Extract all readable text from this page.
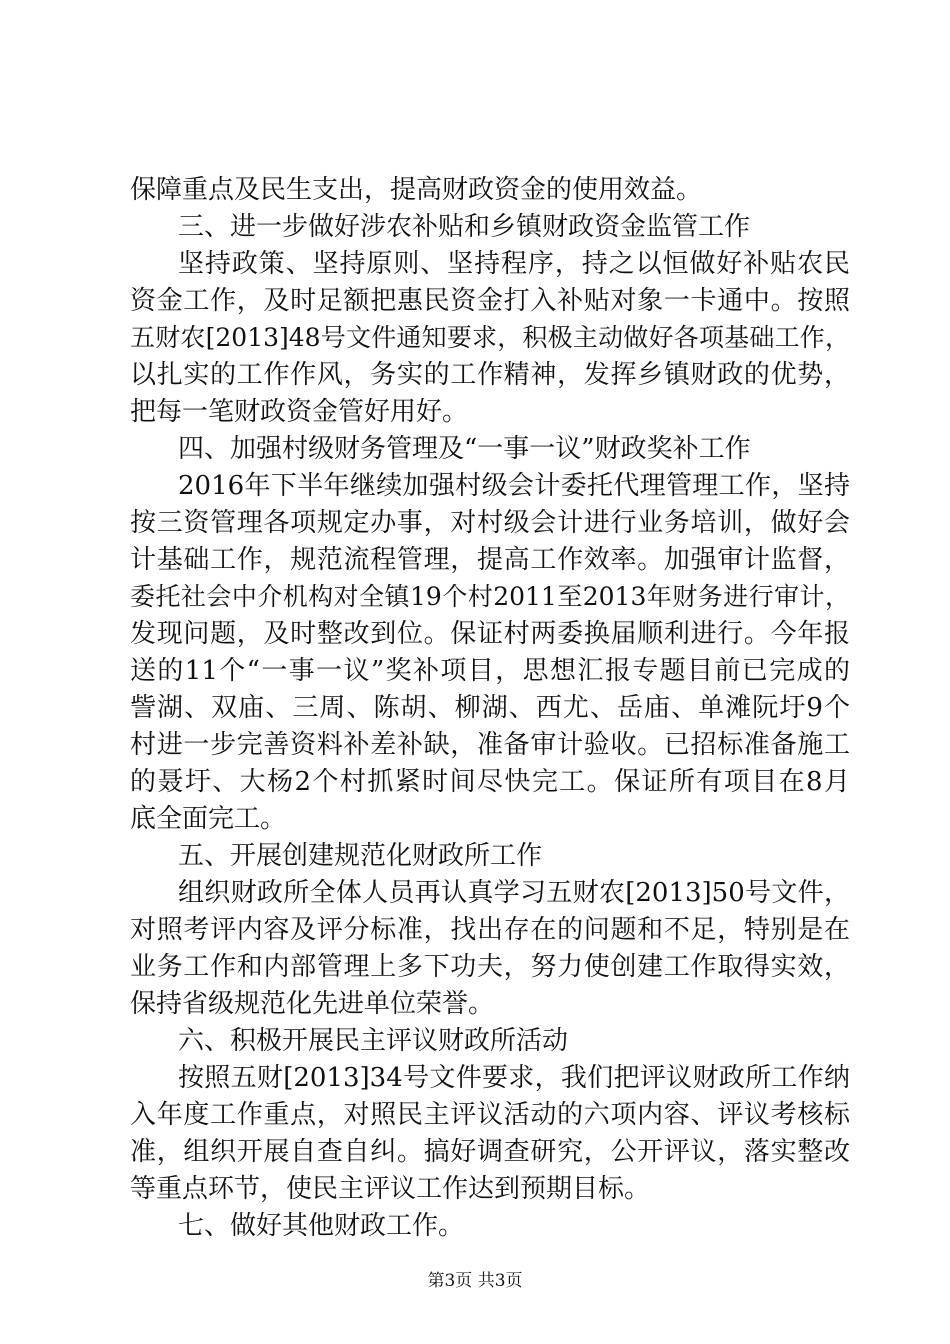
保障重点及民生支出，提高财政资金的使用效益。
三、进一步做好涉农补贴和乡镇财政资金监管工作
坚持政策、坚持原则、坚持程序，持之以恒做好补贴农民
资金工作，及时足额把惠民资金打入补贴对象一卡通中。按照
五财农[2013]48号文件通知要求，积极主动做好各项基础工作，
以扎实的工作作风，务实的工作精神，发挥乡镇财政的优势，
把每一笔财政资金管好用好。
四、加强村级财务管理及“一事一议”财政奖补工作
2016年下半年继续加强村级会计委托代理管理工作，坚持
按三资管理各项规定办事，对村级会计进行业务培训，做好会
计基础工作，规范流程管理，提高工作效率。加强审计监督，
委托社会中介机构对全镇19个村2011至2013年财务进行审计，
发现问题，及时整改到位。保证村两委换届顺利进行。今年报
送的11个“一事一议”奖补项目，思想汇报专题目前已完成的
訾湖、双庙、三周、陈胡、柳湖、西尤、岳庙、单滩阮圩9个
村进一步完善资料补差补缺，准备审计验收。已招标准备施工
的聂圩、大杨2个村抓紧时间尽快完工。保证所有项目在8月
底全面完工。
五、开展创建规范化财政所工作
组织财政所全体人员再认真学习五财农[2013]50号文件，
对照考评内容及评分标准，找出存在的问题和不足，特别是在
业务工作和内部管理上多下功夫，努力使创建工作取得实效，
保持省级规范化先进单位荣誉。
六、积极开展民主评议财政所活动
按照五财[2013]34号文件要求，我们把评议财政所工作纳
入年度工作重点，对照民主评议活动的六项内容、评议考核标
准，组织开展自查自纠。搞好调查研究，公开评议，落实整改
等重点环节，使民主评议工作达到预期目标。
七、做好其他财政工作。
第3页 共3页
